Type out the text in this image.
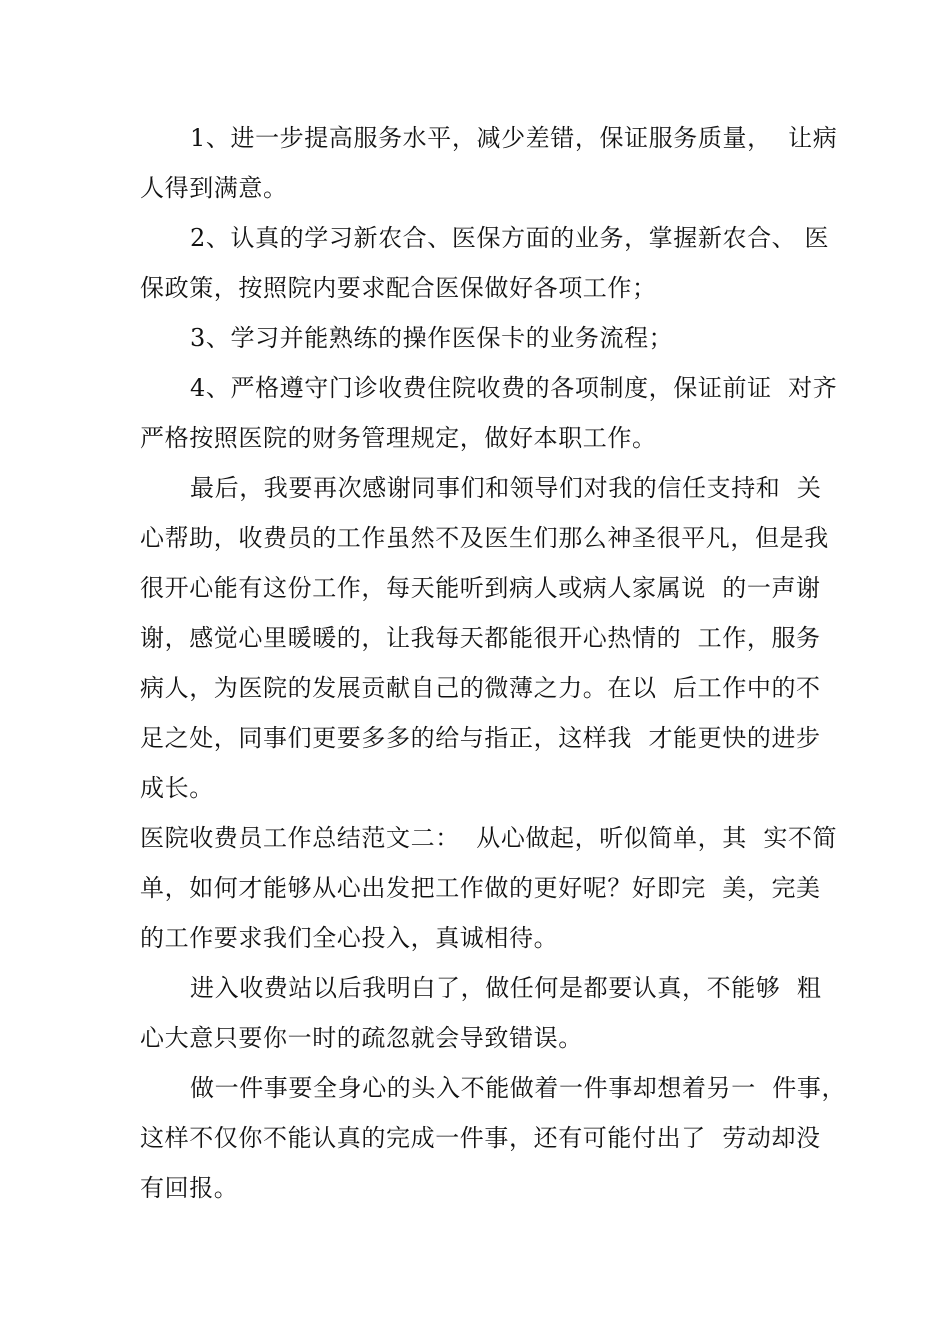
1、进一步提高服务水平，减少差错，保证服务质量，  让病
人得到满意。
2、认真的学习新农合、医保方面的业务，掌握新农合、 医
保政策，按照院内要求配合医保做好各项工作；
3、学习并能熟练的操作医保卡的业务流程；
4、严格遵守门诊收费住院收费的各项制度，保证前证  对齐
严格按照医院的财务管理规定，做好本职工作。
最后，我要再次感谢同事们和领导们对我的信任支持和  关
心帮助，收费员的工作虽然不及医生们那么神圣很平凡，但是我
很开心能有这份工作，每天能听到病人或病人家属说  的一声谢
谢，感觉心里暖暖的，让我每天都能很开心热情的  工作，服务
病人，为医院的发展贡献自己的微薄之力。在以  后工作中的不
足之处，同事们更要多多的给与指正，这样我  才能更快的进步
成长。
医院收费员工作总结范文二：  从心做起，听似简单，其  实不简
单，如何才能够从心出发把工作做的更好呢？好即完  美，完美
的工作要求我们全心投入，真诚相待。
进入收费站以后我明白了，做任何是都要认真，不能够  粗
心大意只要你一时的疏忽就会导致错误。
做一件事要全身心的头入不能做着一件事却想着另一  件事，
这样不仅你不能认真的完成一件事，还有可能付出了  劳动却没
有回报。
